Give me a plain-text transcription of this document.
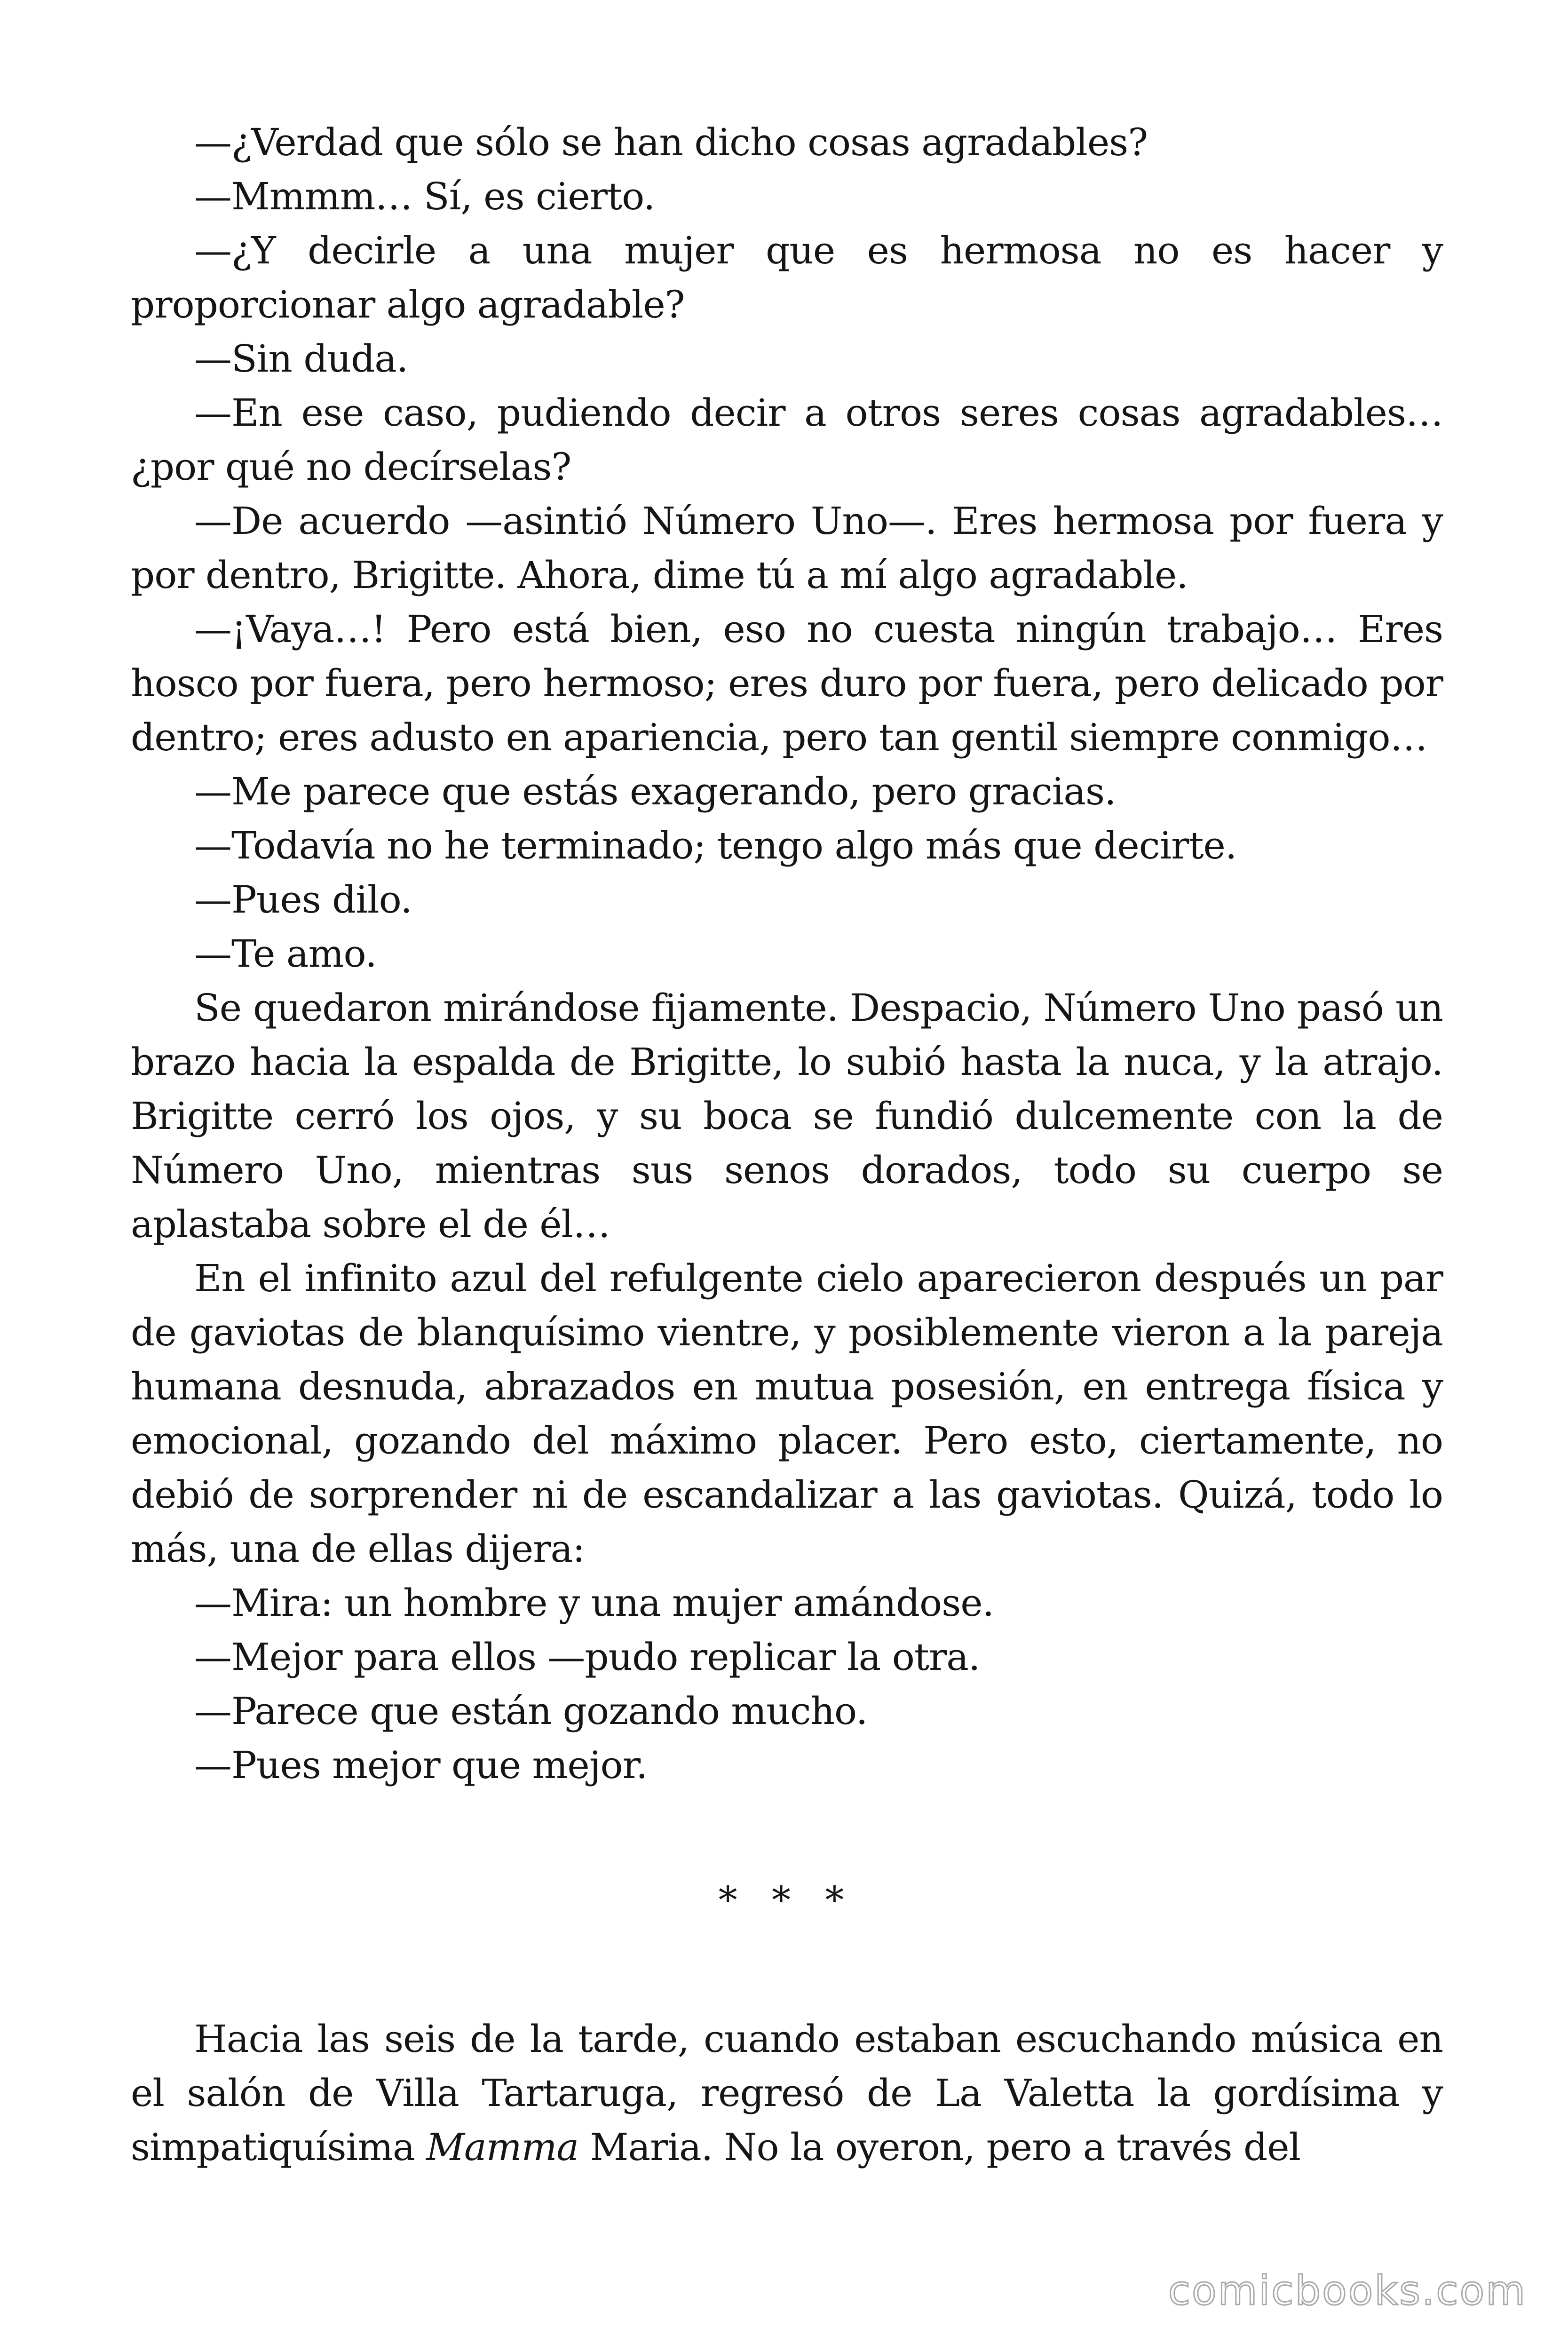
—¿Verdad que sólo se han dicho cosas agradables?

—Mmmm… Sí, es cierto.

—¿Y decirle a una mujer que es hermosa no es hacer y proporcionar algo agradable?

—Sin duda.

—En ese caso, pudiendo decir a otros seres cosas agradables… ¿por qué no decírselas?

—De acuerdo —asintió Número Uno—. Eres hermosa por fuera y por dentro, Brigitte. Ahora, dime tú a mí algo agradable.

—¡Vaya…! Pero está bien, eso no cuesta ningún trabajo… Eres hosco por fuera, pero hermoso; eres duro por fuera, pero delicado por dentro; eres adusto en apariencia, pero tan gentil siempre conmigo…

—Me parece que estás exagerando, pero gracias.

—Todavía no he terminado; tengo algo más que decirte.

—Pues dilo.

—Te amo.

Se quedaron mirándose fijamente. Despacio, Número Uno pasó un brazo hacia la espalda de Brigitte, lo subió hasta la nuca, y la atrajo. Brigitte cerró los ojos, y su boca se fundió dulcemente con la de Número Uno, mientras sus senos dorados, todo su cuerpo se aplastaba sobre el de él…

En el infinito azul del refulgente cielo aparecieron después un par de gaviotas de blanquísimo vientre, y posiblemente vieron a la pareja humana desnuda, abrazados en mutua posesión, en entrega física y emocional, gozando del máximo placer. Pero esto, ciertamente, no debió de sorprender ni de escandalizar a las gaviotas. Quizá, todo lo más, una de ellas dijera:

—Mira: un hombre y una mujer amándose.

—Mejor para ellos —pudo replicar la otra.

—Parece que están gozando mucho.

—Pues mejor que mejor.

* * *

Hacia las seis de la tarde, cuando estaban escuchando música en el salón de Villa Tartaruga, regresó de La Valetta la gordísima y simpatiquísima Mamma Maria. No la oyeron, pero a través del

comicbooks.com
